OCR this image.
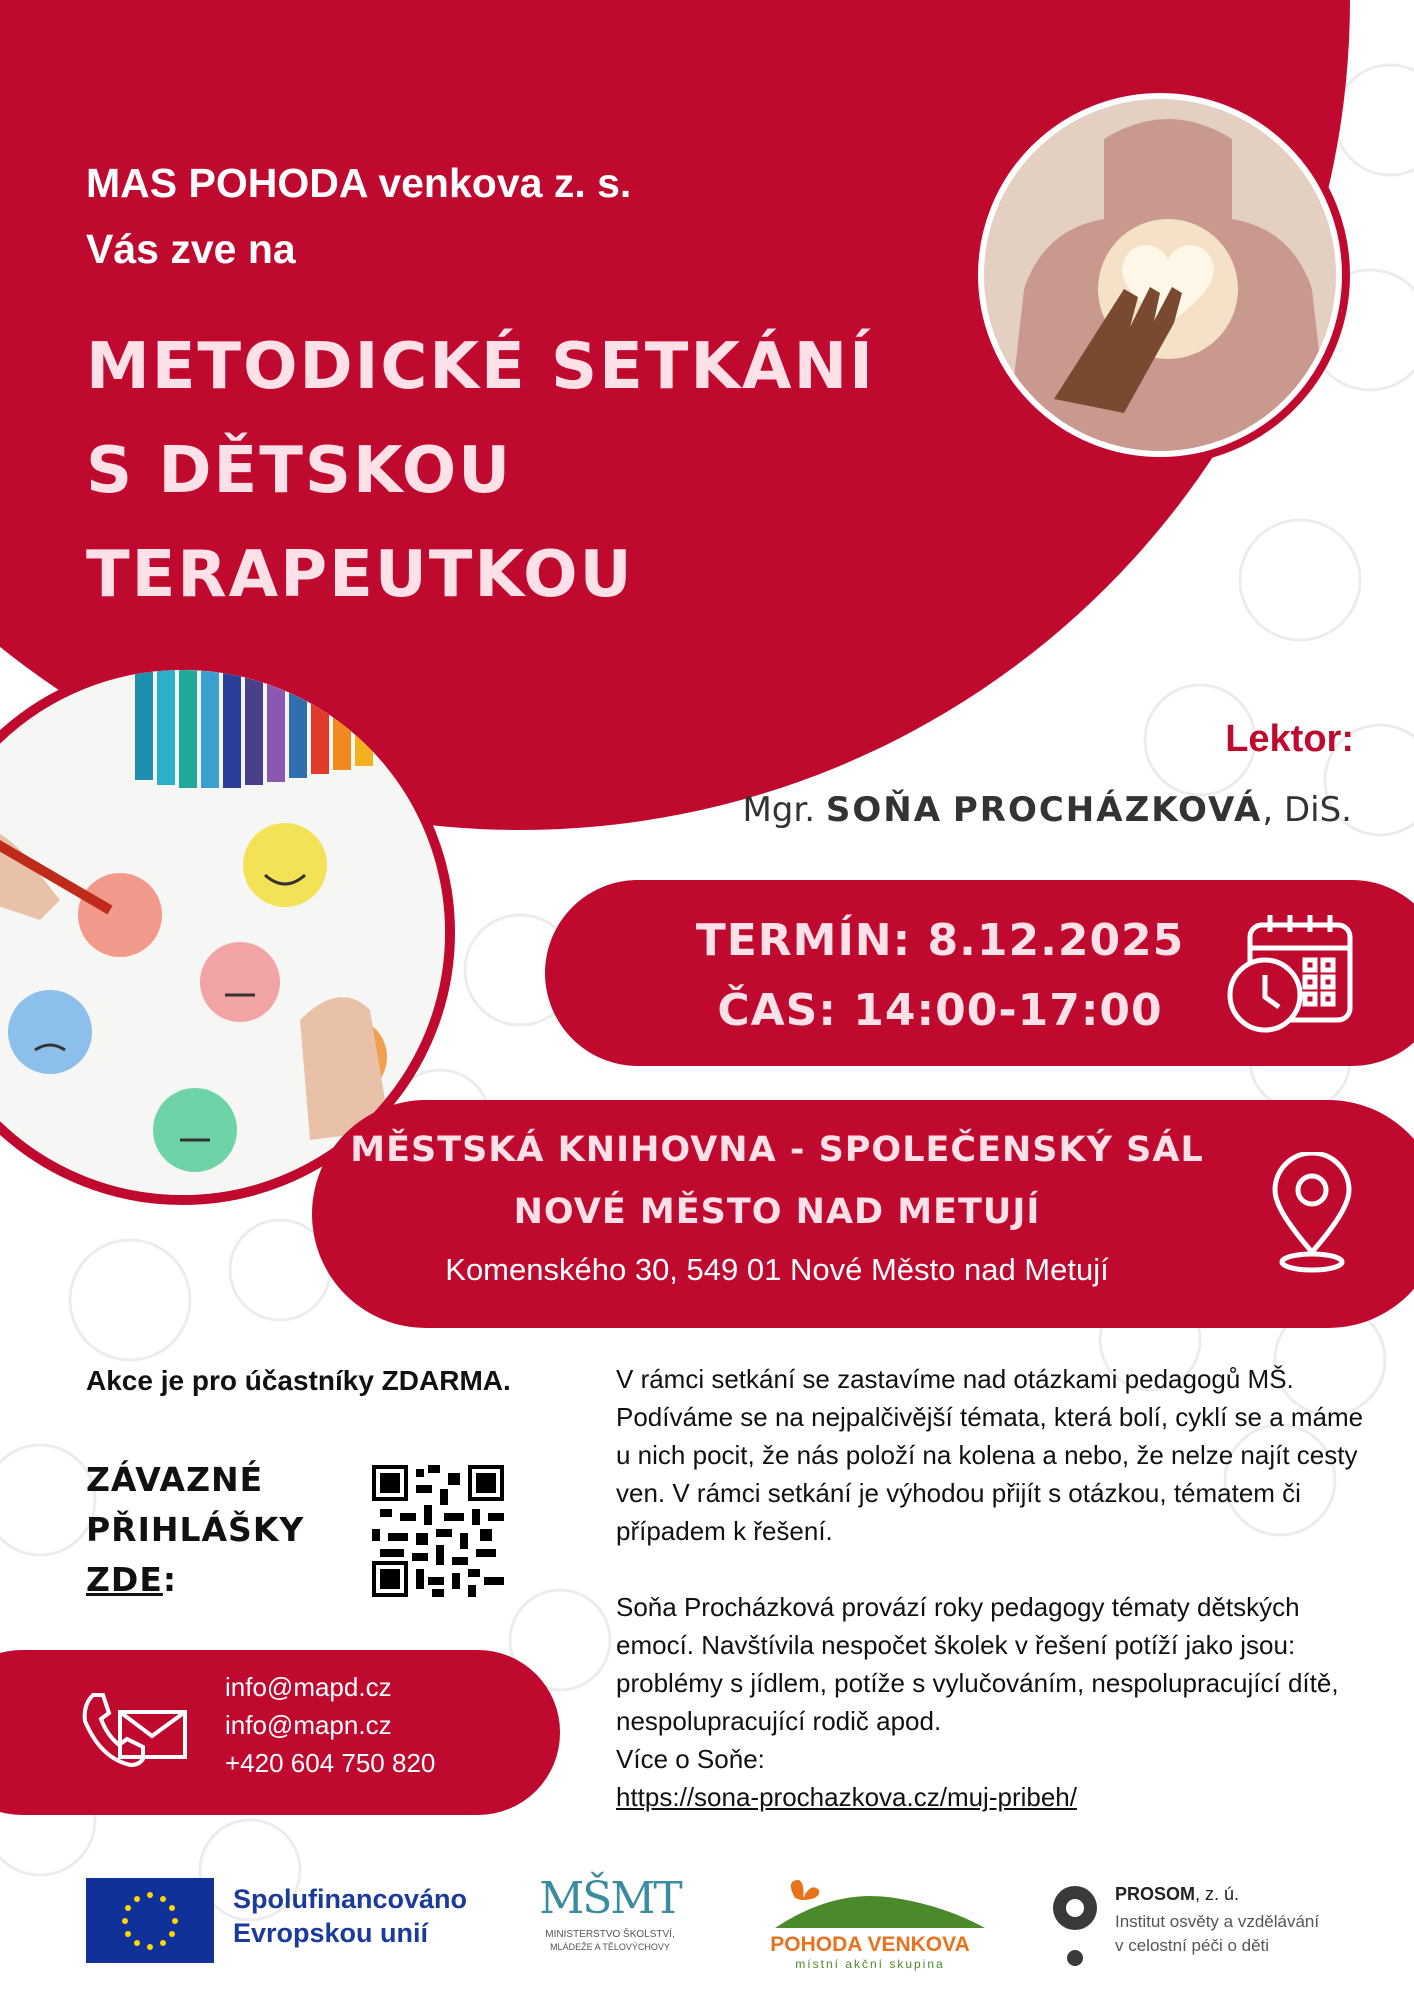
MAS POHODA venkova z. s.
Vás zve na
METODICKÉ SETKÁNÍ
S DĚTSKOU
TERAPEUTKOU
Lektor:
Mgr. SOŇA PROCHÁZKOVÁ, DiS.
TERMÍN: 8.12.2025
ČAS: 14:00-17:00
MĚSTSKÁ KNIHOVNA - SPOLEČENSKÝ SÁL
NOVÉ MĚSTO NAD METUJÍ
Komenského 30, 549 01 Nové Město nad Metují
Akce je pro účastníky ZDARMA.
ZÁVAZNÉ
PŘIHLÁŠKY
ZDE:
info@mapd.cz
info@mapn.cz
+420 604 750 820

V rámci setkání se zastavíme nad otázkami pedagogů MŠ. Podíváme se na nejpalčivější témata, která bolí, cyklí se a máme u nich pocit, že nás položí na kolena a nebo, že nelze najít cesty ven. V rámci setkání je výhodou přijít s otázkou, tématem či případem k řešení.

Soňa Procházková provází roky pedagogy tématy dětských emocí. Navštívila nespočet školek v řešení potíží jako jsou: problémy s jídlem, potíže s vylučováním, nespolupracující dítě, nespolupracující rodič apod.

Více o Soňe:

https://sona-prochazkova.cz/muj-pribeh/

Spolufinancováno
Evropskou unií
MŠMT
MINISTERSTVO ŠKOLSTVÍ,
MLÁDEŽE A TĚLOVÝCHOVY	POHODA VENKOVA
místní akční skupina
PROSOM, z. ú.
Institut osvěty a vzdělávání
v celostní péči o děti
